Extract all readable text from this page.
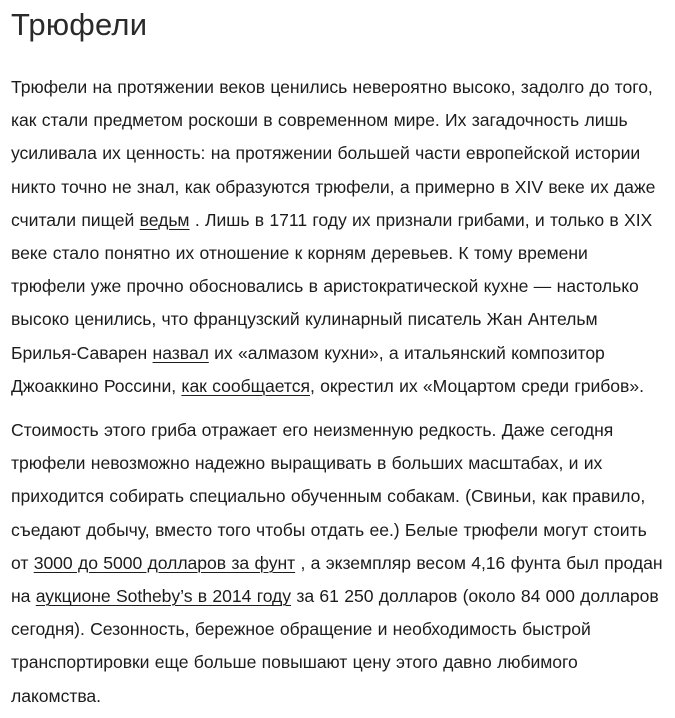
Трюфели

Трюфели на протяжении веков ценились невероятно высоко, задолго до того, как стали предметом роскоши в современном мире. Их загадочность лишь усиливала их ценность: на протяжении большей части европейской истории никто точно не знал, как образуются трюфели, а примерно в XIV веке их даже считали пищей ведьм . Лишь в 1711 году их признали грибами, и только в XIX веке стало понятно их отношение к корням деревьев. К тому времени трюфели уже прочно обосновались в аристократической кухне — настолько высоко ценились, что французский кулинарный писатель Жан Антельм Брилья-Саварен назвал их «алмазом кухни», а итальянский композитор Джоаккино Россини, как сообщается, окрестил их «Моцартом среди грибов».

Стоимость этого гриба отражает его неизменную редкость. Даже сегодня трюфели невозможно надежно выращивать в больших масштабах, и их приходится собирать специально обученным собакам. (Свиньи, как правило, съедают добычу, вместо того чтобы отдать ее.) Белые трюфели могут стоить от 3000 до 5000 долларов за фунт , а экземпляр весом 4,16 фунта был продан на аукционе Sotheby’s в 2014 году за 61 250 долларов (около 84 000 долларов сегодня). Сезонность, бережное обращение и необходимость быстрой транспортировки еще больше повышают цену этого давно любимого лакомства.
